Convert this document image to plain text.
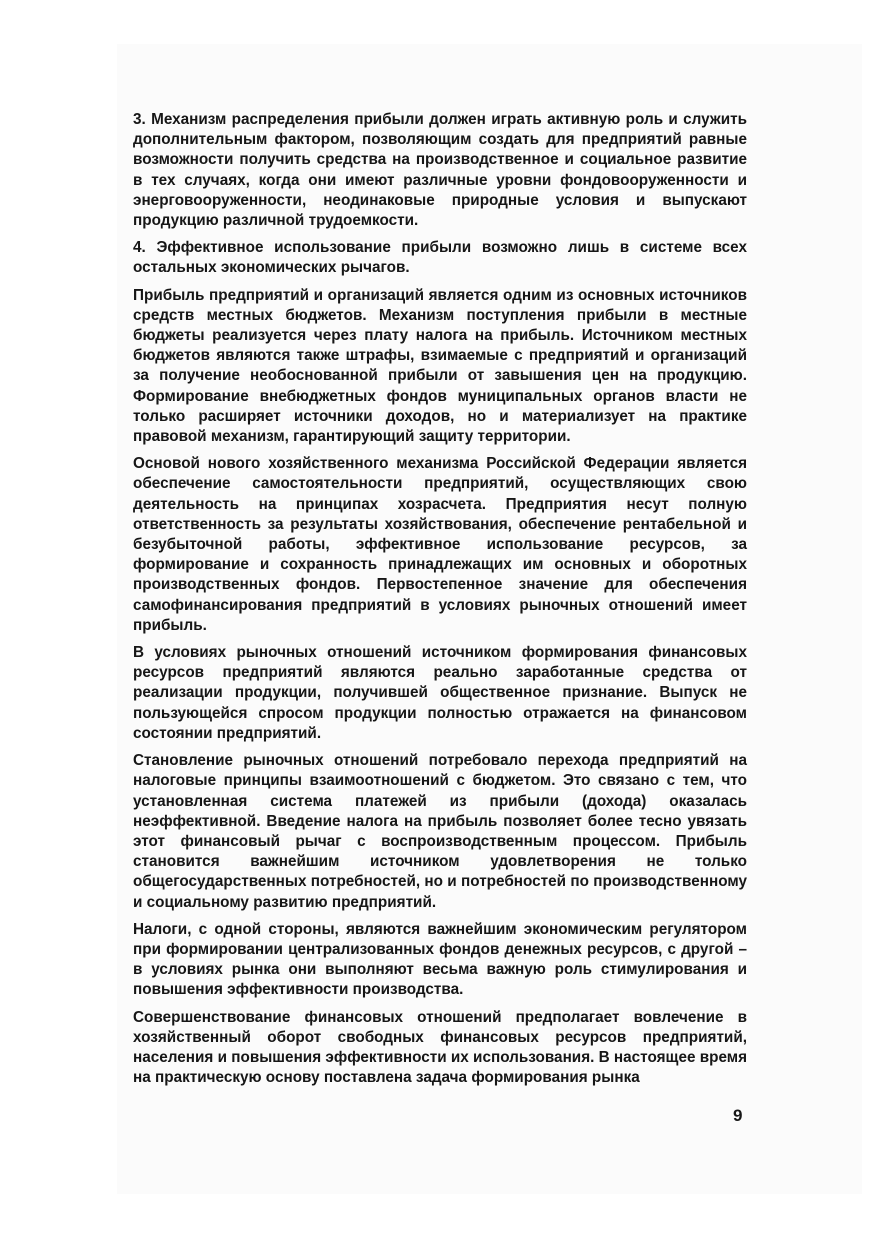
3. Механизм распределения прибыли должен играть активную роль и служить дополнительным фактором, позволяющим создать для предприятий равные возможности получить средства на производственное и социальное развитие в тех случаях, когда они имеют различные уровни фондовооруженности и энерговооруженности, неодинаковые природные условия и выпускают продукцию различной трудоемкости.

4. Эффективное использование прибыли возможно лишь в системе всех остальных экономических рычагов.

Прибыль предприятий и организаций является одним из основных источников средств местных бюджетов. Механизм поступления прибыли в местные бюджеты реализуется через плату налога на прибыль. Источником местных бюджетов являются также штрафы, взимаемые с предприятий и организаций за получение необоснованной прибыли от завышения цен на продукцию. Формирование внебюджетных фондов муниципальных органов власти не только расширяет источники доходов, но и материализует на практике правовой механизм, гарантирующий защиту территории.

Основой нового хозяйственного механизма Российской Федерации является обеспечение самостоятельности предприятий, осуществляющих свою деятельность на принципах хозрасчета. Предприятия несут полную ответственность за результаты хозяйствования, обеспечение рентабельной и безубыточной работы, эффективное использование ресурсов, за формирование и сохранность принадлежащих им основных и оборотных производственных фондов. Первостепенное значение для обеспечения самофинансирования предприятий в условиях рыночных отношений имеет прибыль.

В условиях рыночных отношений источником формирования финансовых ресурсов предприятий являются реально заработанные средства от реализации продукции, получившей общественное признание. Выпуск не пользующейся спросом продукции полностью отражается на финансовом состоянии предприятий.

Становление рыночных отношений потребовало перехода предприятий на налоговые принципы взаимоотношений с бюджетом. Это связано с тем, что установленная система платежей из прибыли (дохода) оказалась неэффективной. Введение налога на прибыль позволяет более тесно увязать этот финансовый рычаг с воспроизводственным процессом. Прибыль становится важнейшим источником удовлетворения не только общегосударственных потребностей, но и потребностей по производственному и социальному развитию предприятий.

Налоги, с одной стороны, являются важнейшим экономическим регулятором при формировании централизованных фондов денежных ресурсов, с другой – в условиях рынка они выполняют весьма важную роль стимулирования и повышения эффективности производства.

Совершенствование финансовых отношений предполагает вовлечение в хозяйственный оборот свободных финансовых ресурсов предприятий, населения и повышения эффективности их использования. В настоящее время на практическую основу поставлена задача формирования рынка

9
